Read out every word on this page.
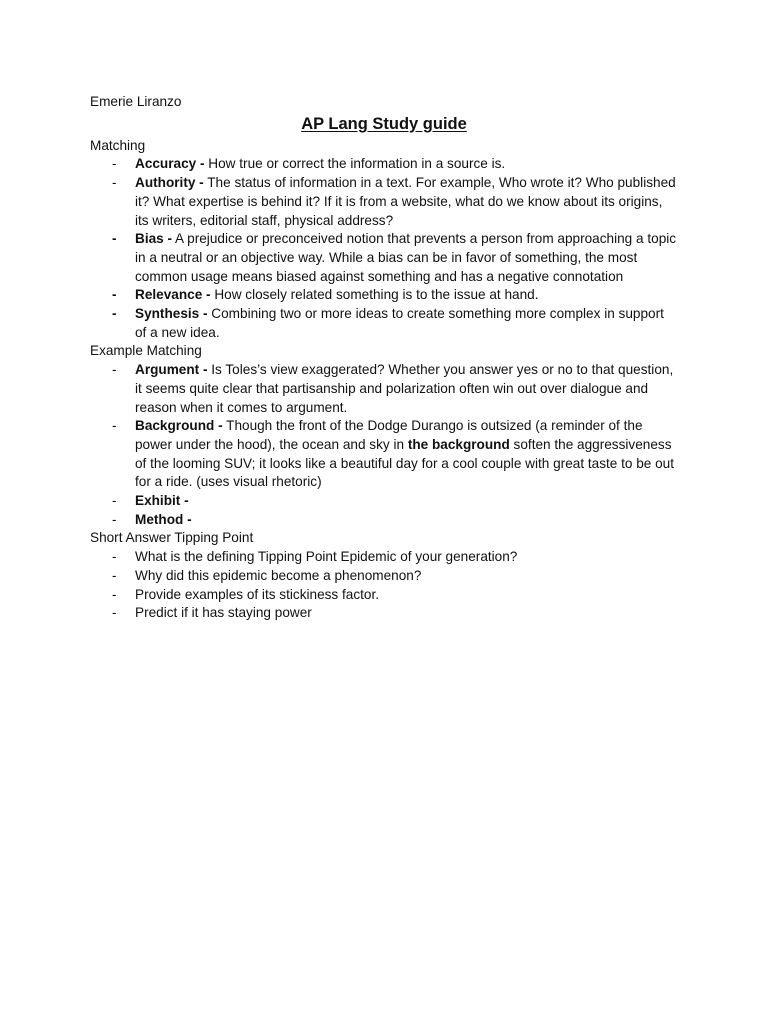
Emerie Liranzo

AP Lang Study guide

Matching

- Accuracy - How true or correct the information in a source is.
- Authority - The status of information in a text. For example, Who wrote it? Who published it? What expertise is behind it? If it is from a website, what do we know about its origins, its writers, editorial staff, physical address?
- Bias - A prejudice or preconceived notion that prevents a person from approaching a topic in a neutral or an objective way. While a bias can be in favor of something, the most common usage means biased against something and has a negative connotation
- Relevance - How closely related something is to the issue at hand.
- Synthesis - Combining two or more ideas to create something more complex in support of a new idea.

Example Matching

- Argument - Is Toles’s view exaggerated? Whether you answer yes or no to that question, it seems quite clear that partisanship and polarization often win out over dialogue and reason when it comes to argument.
- Background - Though the front of the Dodge Durango is outsized (a reminder of the power under the hood), the ocean and sky in the background soften the aggressiveness of the looming SUV; it looks like a beautiful day for a cool couple with great taste to be out for a ride. (uses visual rhetoric)
- Exhibit -
- Method -

Short Answer Tipping Point

- What is the defining Tipping Point Epidemic of your generation?
- Why did this epidemic become a phenomenon?
- Provide examples of its stickiness factor.
- Predict if it has staying power
